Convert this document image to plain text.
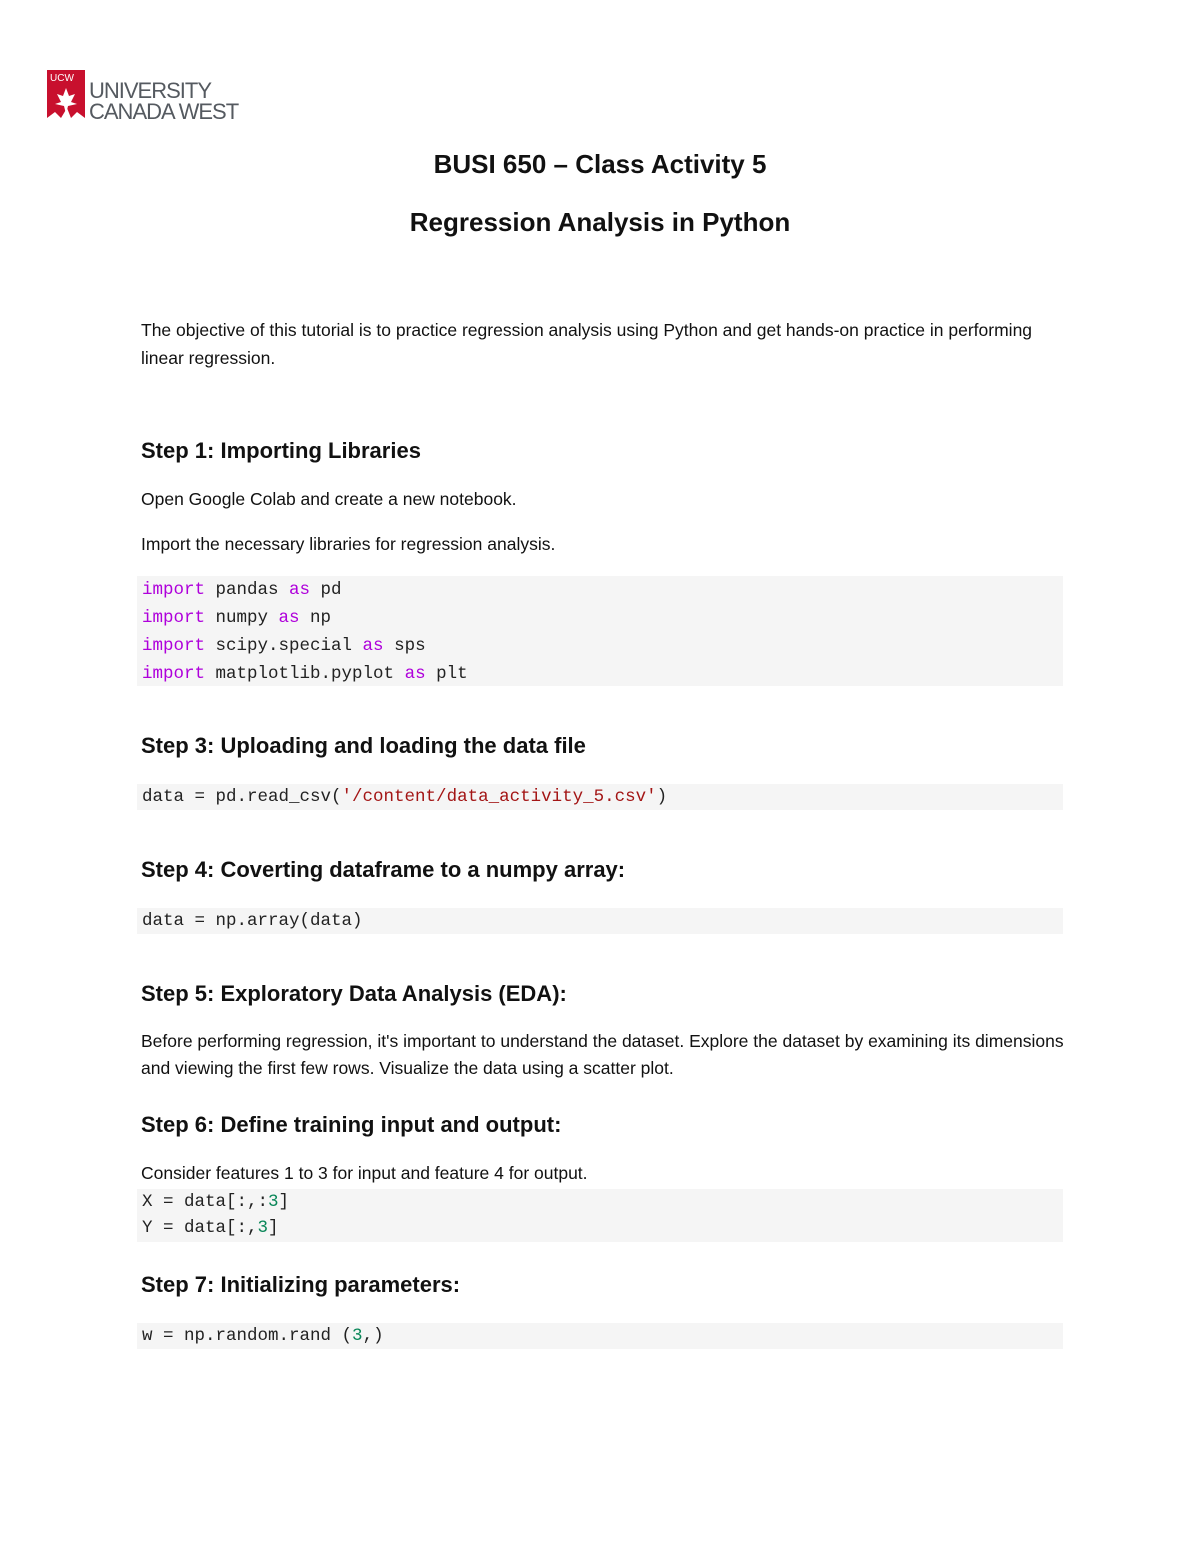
UCW UNIVERSITY
CANADA WEST
BUSI 650 – Class Activity 5
Regression Analysis in Python
The objective of this tutorial is to practice regression analysis using Python and get hands-on practice in performing linear regression.
Step 1: Importing Libraries
Open Google Colab and create a new notebook.
Import the necessary libraries for regression analysis.
import pandas as pd
import numpy as np
import scipy.special as sps
import matplotlib.pyplot as plt
Step 3: Uploading and loading the data file
data = pd.read_csv('/content/data_activity_5.csv')
Step 4: Coverting dataframe to a numpy array:
data = np.array(data)
Step 5: Exploratory Data Analysis (EDA):
Before performing regression, it's important to understand the dataset. Explore the dataset by examining its dimensions and viewing the first few rows. Visualize the data using a scatter plot.
Step 6: Define training input and output:
Consider features 1 to 3 for input and feature 4 for output.
X = data[:,:3]
Y = data[:,3]
Step 7: Initializing parameters:
w = np.random.rand (3,)
